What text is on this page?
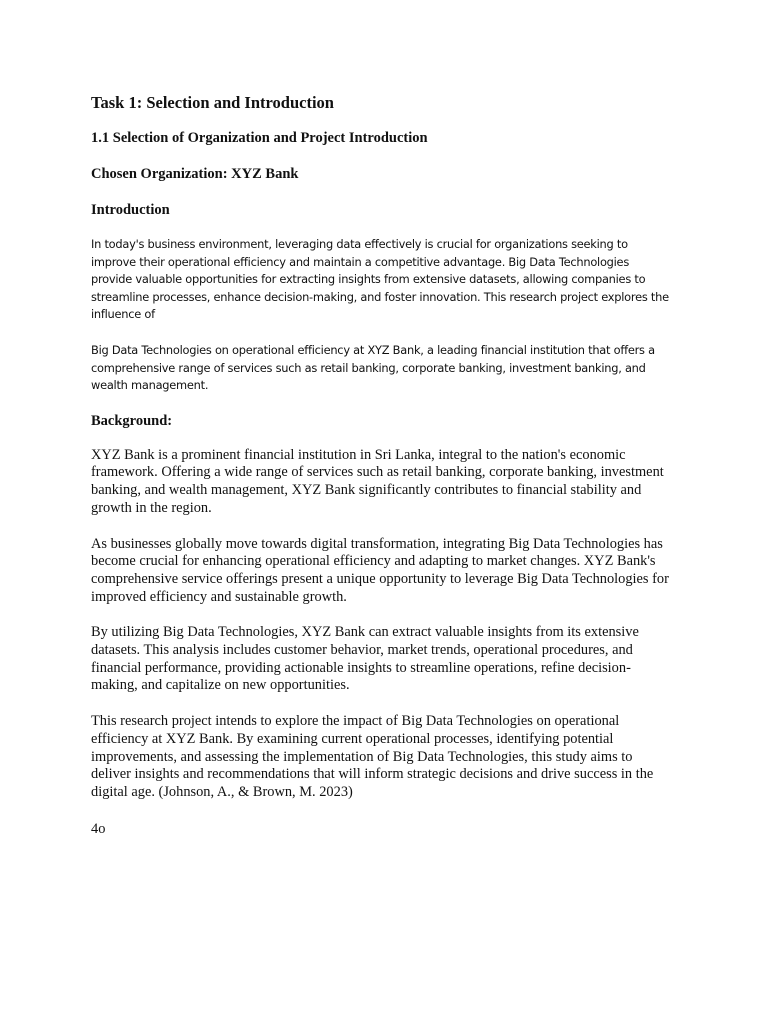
Task 1: Selection and Introduction
1.1 Selection of Organization and Project Introduction
Chosen Organization: XYZ Bank
Introduction

In today's business environment, leveraging data effectively is crucial for organizations seeking to improve their operational efficiency and maintain a competitive advantage. Big Data Technologies provide valuable opportunities for extracting insights from extensive datasets, allowing companies to streamline processes, enhance decision-making, and foster innovation. This research project explores the influence of

Big Data Technologies on operational efficiency at XYZ Bank, a leading financial institution that offers a comprehensive range of services such as retail banking, corporate banking, investment banking, and wealth management.

Background:

XYZ Bank is a prominent financial institution in Sri Lanka, integral to the nation's economic framework. Offering a wide range of services such as retail banking, corporate banking, investment banking, and wealth management, XYZ Bank significantly contributes to financial stability and growth in the region.

As businesses globally move towards digital transformation, integrating Big Data Technologies has become crucial for enhancing operational efficiency and adapting to market changes. XYZ Bank's comprehensive service offerings present a unique opportunity to leverage Big Data Technologies for improved efficiency and sustainable growth.

By utilizing Big Data Technologies, XYZ Bank can extract valuable insights from its extensive datasets. This analysis includes customer behavior, market trends, operational procedures, and financial performance, providing actionable insights to streamline operations, refine decision-making, and capitalize on new opportunities.

This research project intends to explore the impact of Big Data Technologies on operational efficiency at XYZ Bank. By examining current operational processes, identifying potential improvements, and assessing the implementation of Big Data Technologies, this study aims to deliver insights and recommendations that will inform strategic decisions and drive success in the digital age. (Johnson, A., & Brown, M. 2023)

4o
